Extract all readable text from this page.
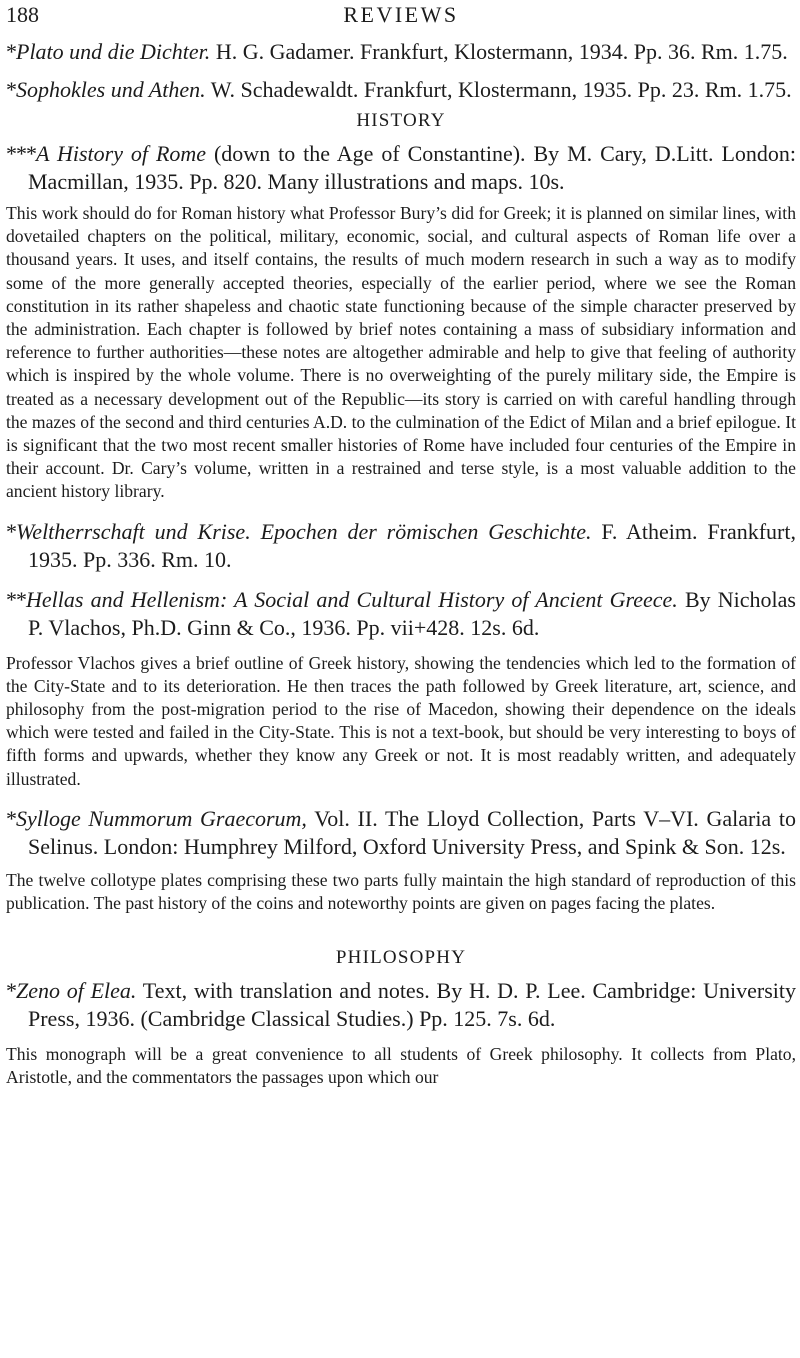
188	REVIEWS

*Plato und die Dichter. H. G. Gadamer. Frankfurt, Klostermann, 1934. Pp. 36. Rm. 1.75.

*Sophokles und Athen. W. Schadewaldt. Frankfurt, Klostermann, 1935. Pp. 23. Rm. 1.75.

HISTORY

***A History of Rome (down to the Age of Constantine). By M. Cary, D.Litt. London: Macmillan, 1935. Pp. 820. Many illustrations and maps. 10s.

This work should do for Roman history what Professor Bury’s did for Greek; it is planned on similar lines, with dovetailed chapters on the political, military, economic, social, and cultural aspects of Roman life over a thousand years. It uses, and itself contains, the results of much modern research in such a way as to modify some of the more generally accepted theories, especially of the earlier period, where we see the Roman constitution in its rather shapeless and chaotic state functioning because of the simple character preserved by the administration. Each chapter is followed by brief notes containing a mass of subsidiary information and reference to further authorities—these notes are altogether admirable and help to give that feeling of authority which is inspired by the whole volume. There is no overweighting of the purely military side, the Empire is treated as a necessary development out of the Republic—its story is carried on with careful handling through the mazes of the second and third centuries A.D. to the culmination of the Edict of Milan and a brief epilogue. It is significant that the two most recent smaller histories of Rome have included four centuries of the Empire in their account. Dr. Cary’s volume, written in a restrained and terse style, is a most valuable addition to the ancient history library.

*Weltherrschaft und Krise. Epochen der römischen Geschichte. F. Atheim. Frankfurt, 1935. Pp. 336. Rm. 10.

**Hellas and Hellenism: A Social and Cultural History of Ancient Greece. By Nicholas P. Vlachos, Ph.D. Ginn & Co., 1936. Pp. vii+428. 12s. 6d.

Professor Vlachos gives a brief outline of Greek history, showing the tendencies which led to the formation of the City-State and to its deterioration. He then traces the path followed by Greek literature, art, science, and philosophy from the post-migration period to the rise of Macedon, showing their dependence on the ideals which were tested and failed in the City-State. This is not a text-book, but should be very interesting to boys of fifth forms and upwards, whether they know any Greek or not. It is most readably written, and adequately illustrated.

*Sylloge Nummorum Graecorum, Vol. II. The Lloyd Collection, Parts V–VI. Galaria to Selinus. London: Humphrey Milford, Oxford University Press, and Spink & Son. 12s.

The twelve collotype plates comprising these two parts fully maintain the high standard of reproduction of this publication. The past history of the coins and noteworthy points are given on pages facing the plates.

PHILOSOPHY

*Zeno of Elea. Text, with translation and notes. By H. D. P. Lee. Cambridge: University Press, 1936. (Cambridge Classical Studies.) Pp. 125. 7s. 6d.

This monograph will be a great convenience to all students of Greek philosophy. It collects from Plato, Aristotle, and the commentators the passages upon which our
